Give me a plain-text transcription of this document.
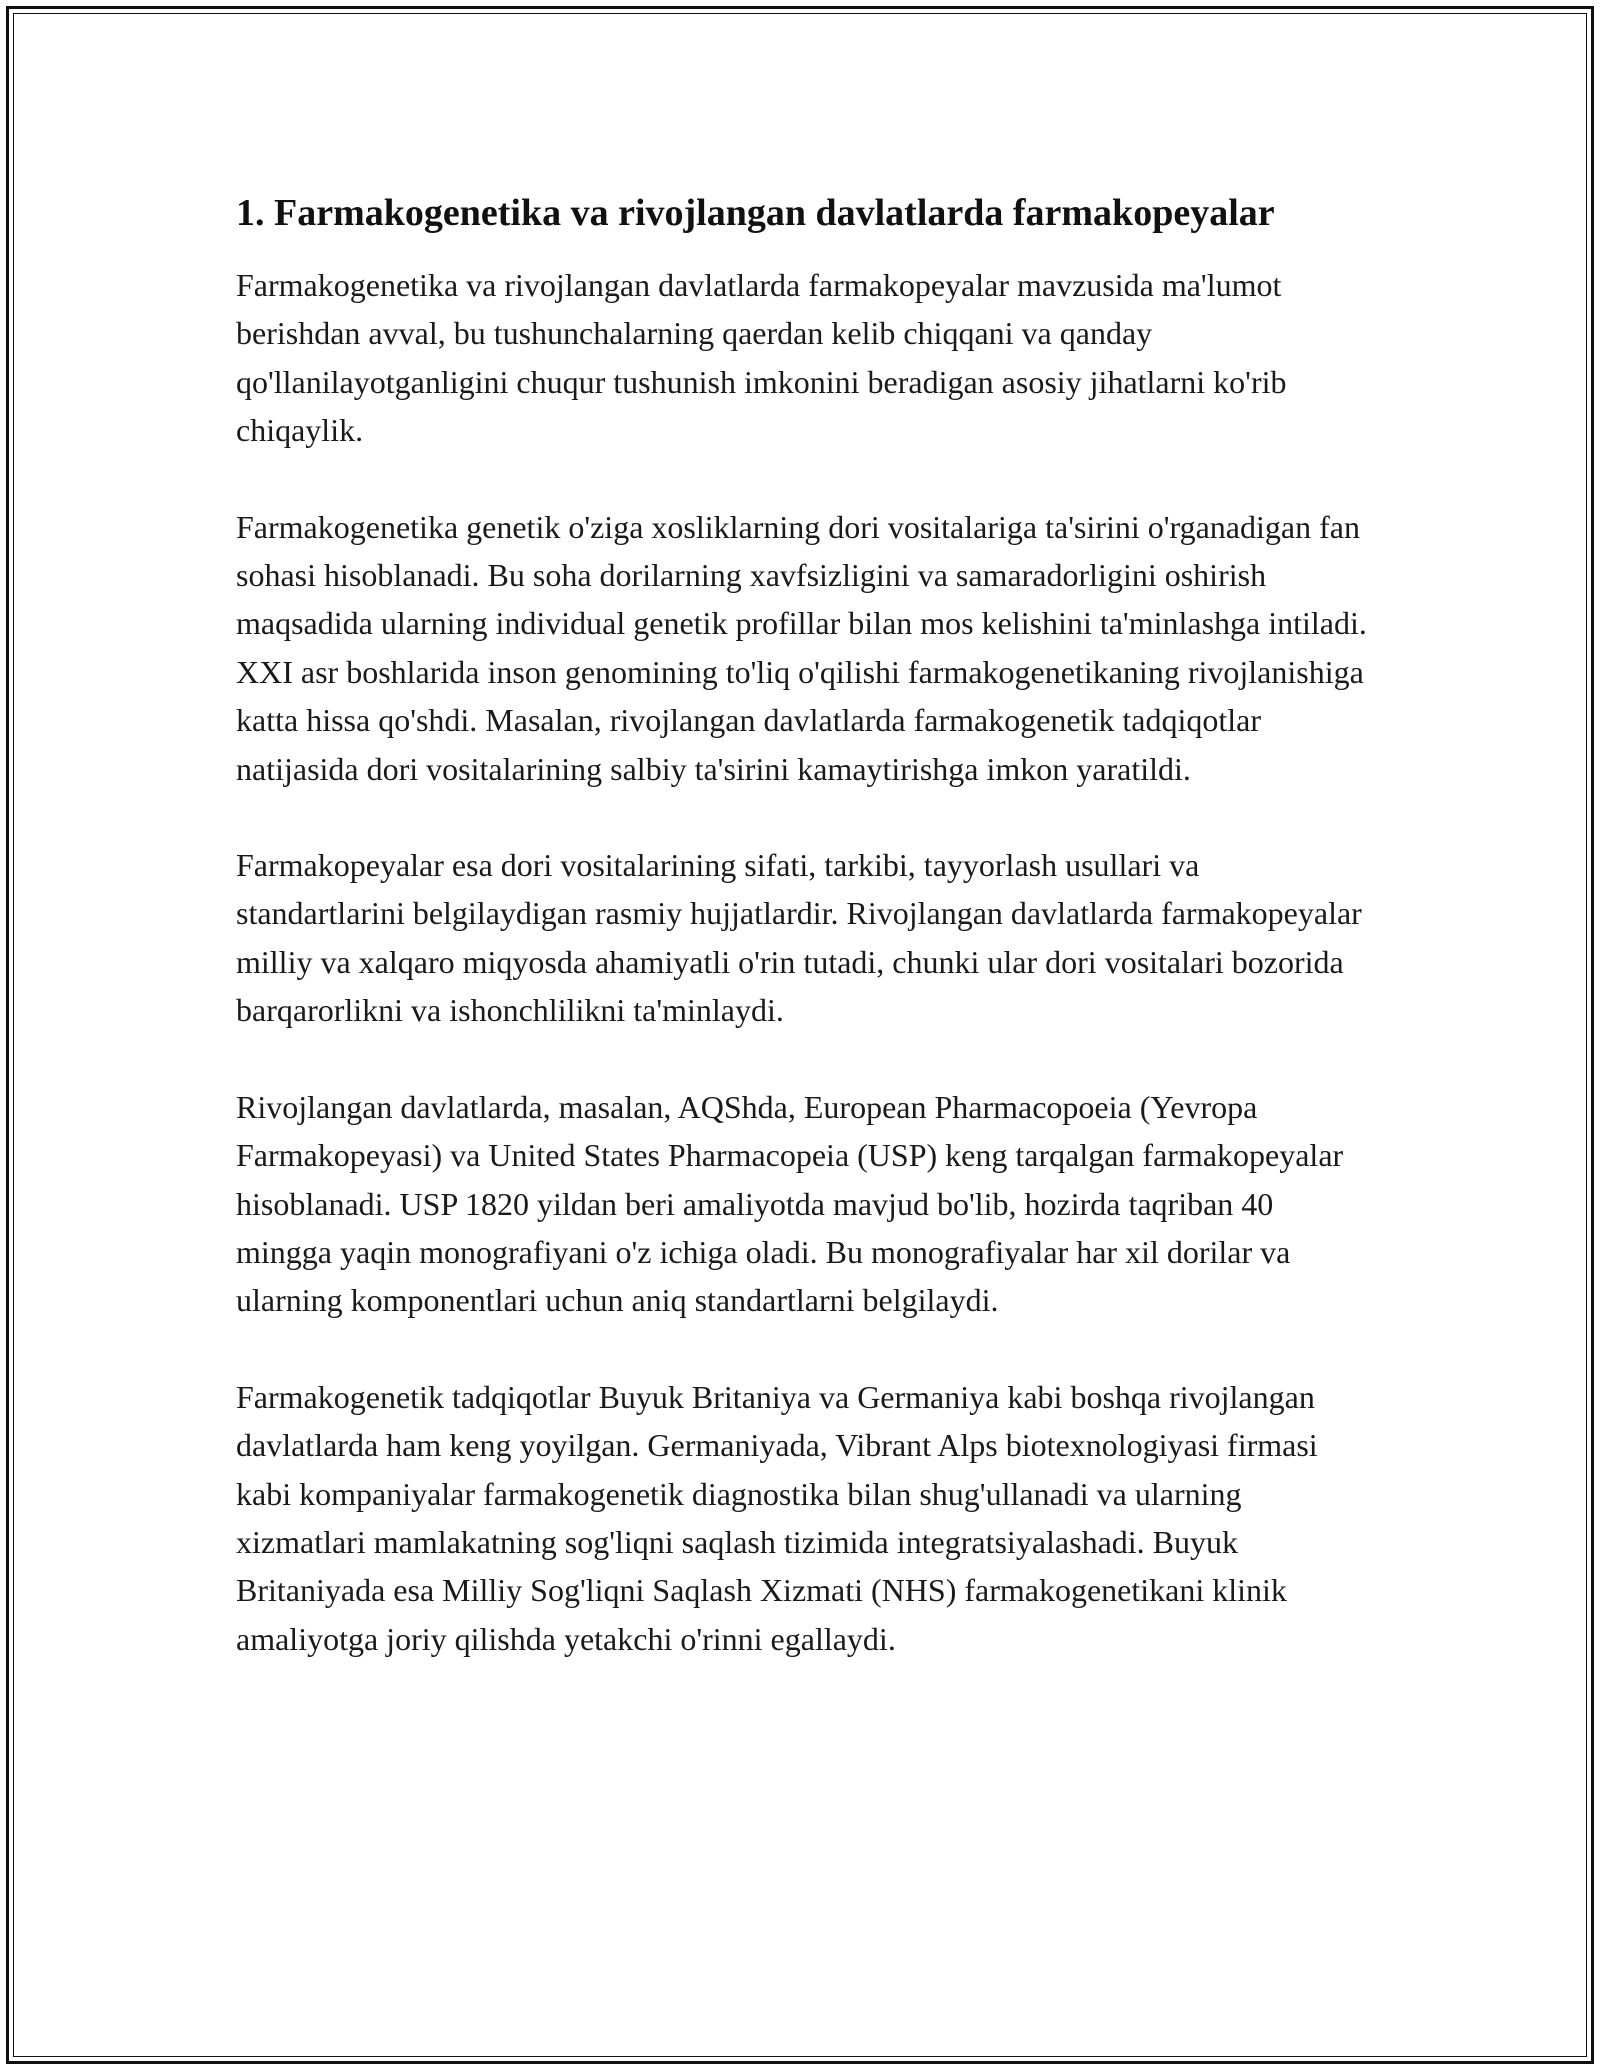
1. Farmakogenetika va rivojlangan davlatlarda farmakopeyalar

Farmakogenetika va rivojlangan davlatlarda farmakopeyalar mavzusida ma'lumot berishdan avval, bu tushunchalarning qaerdan kelib chiqqani va qanday qo'llanilayotganligini chuqur tushunish imkonini beradigan asosiy jihatlarni ko'rib chiqaylik.

Farmakogenetika genetik o'ziga xosliklarning dori vositalariga ta'sirini o'rganadigan fan sohasi hisoblanadi. Bu soha dorilarning xavfsizligini va samaradorligini oshirish maqsadida ularning individual genetik profillar bilan mos kelishini ta'minlashga intiladi. XXI asr boshlarida inson genomining to'liq o'qilishi farmakogenetikaning rivojlanishiga katta hissa qo'shdi. Masalan, rivojlangan davlatlarda farmakogenetik tadqiqotlar natijasida dori vositalarining salbiy ta'sirini kamaytirishga imkon yaratildi.

Farmakopeyalar esa dori vositalarining sifati, tarkibi, tayyorlash usullari va standartlarini belgilaydigan rasmiy hujjatlardir. Rivojlangan davlatlarda farmakopeyalar milliy va xalqaro miqyosda ahamiyatli o'rin tutadi, chunki ular dori vositalari bozorida barqarorlikni va ishonchlilikni ta'minlaydi.

Rivojlangan davlatlarda, masalan, AQShda, European Pharmacopoeia (Yevropa Farmakopeyasi) va United States Pharmacopeia (USP) keng tarqalgan farmakopeyalar hisoblanadi. USP 1820 yildan beri amaliyotda mavjud bo'lib, hozirda taqriban 40 mingga yaqin monografiyani o'z ichiga oladi. Bu monografiyalar har xil dorilar va ularning komponentlari uchun aniq standartlarni belgilaydi.

Farmakogenetik tadqiqotlar Buyuk Britaniya va Germaniya kabi boshqa rivojlangan davlatlarda ham keng yoyilgan. Germaniyada, Vibrant Alps biotexnologiyasi firmasi kabi kompaniyalar farmakogenetik diagnostika bilan shug'ullanadi va ularning xizmatlari mamlakatning sog'liqni saqlash tizimida integratsiyalashadi. Buyuk Britaniyada esa Milliy Sog'liqni Saqlash Xizmati (NHS) farmakogenetikani klinik amaliyotga joriy qilishda yetakchi o'rinni egallaydi.
